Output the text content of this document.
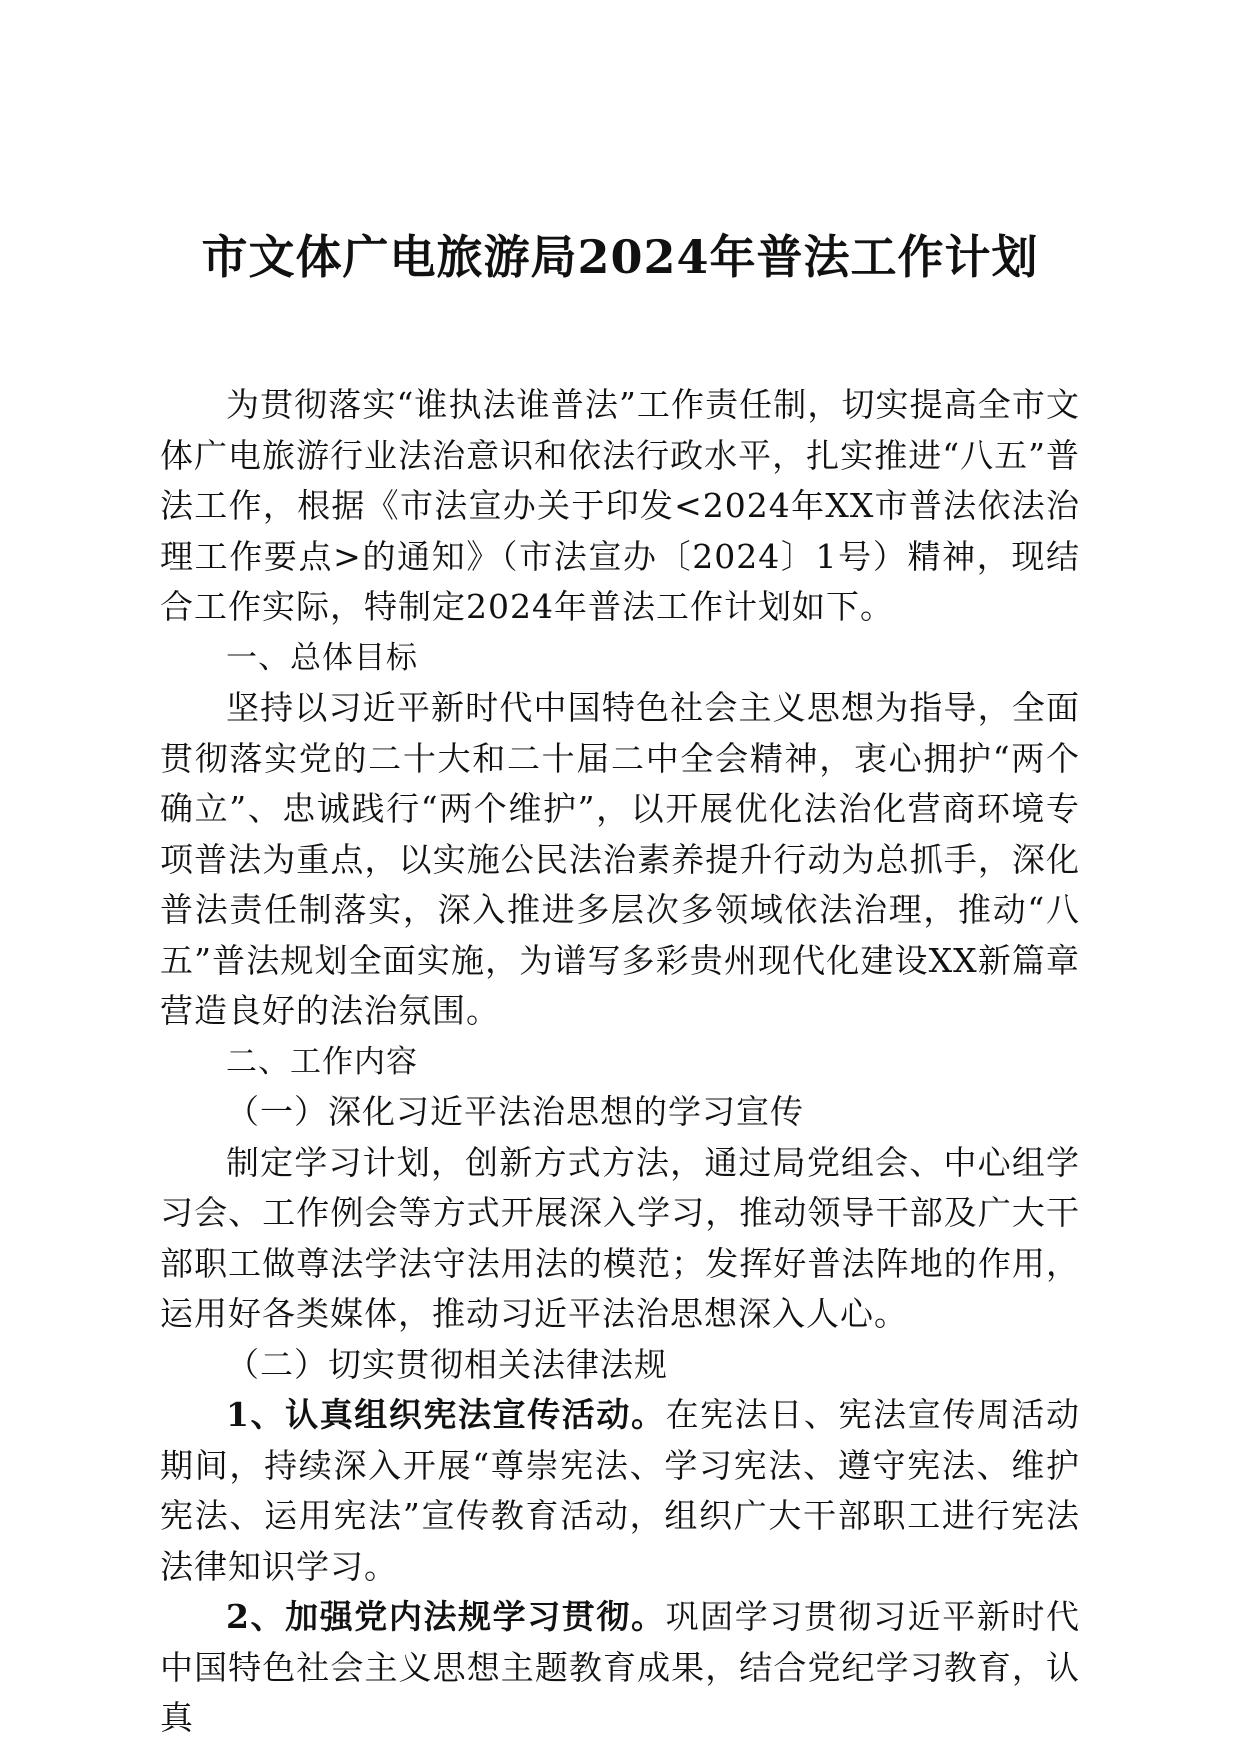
市文体广电旅游局2024年普法工作计划

为贯彻落实“谁执法谁普法”工作责任制，切实提高全市文体广电旅游行业法治意识和依法行政水平，扎实推进“八五”普法工作，根据《市法宣办关于印发<2024年XX市普法依法治理工作要点>的通知》（市法宣办〔2024〕1号）精神，现结合工作实际，特制定2024年普法工作计划如下。

一、总体目标

坚持以习近平新时代中国特色社会主义思想为指导，全面贯彻落实党的二十大和二十届二中全会精神，衷心拥护“两个确立”、忠诚践行“两个维护”，以开展优化法治化营商环境专项普法为重点，以实施公民法治素养提升行动为总抓手，深化普法责任制落实，深入推进多层次多领域依法治理，推动“八五”普法规划全面实施，为谱写多彩贵州现代化建设XX新篇章营造良好的法治氛围。

二、工作内容

（一）深化习近平法治思想的学习宣传

制定学习计划，创新方式方法，通过局党组会、中心组学习会、工作例会等方式开展深入学习，推动领导干部及广大干部职工做尊法学法守法用法的模范；发挥好普法阵地的作用，运用好各类媒体，推动习近平法治思想深入人心。

（二）切实贯彻相关法律法规

1、认真组织宪法宣传活动。在宪法日、宪法宣传周活动期间，持续深入开展“尊崇宪法、学习宪法、遵守宪法、维护宪法、运用宪法”宣传教育活动，组织广大干部职工进行宪法法律知识学习。

2、加强党内法规学习贯彻。巩固学习贯彻习近平新时代中国特色社会主义思想主题教育成果，结合党纪学习教育，认真
